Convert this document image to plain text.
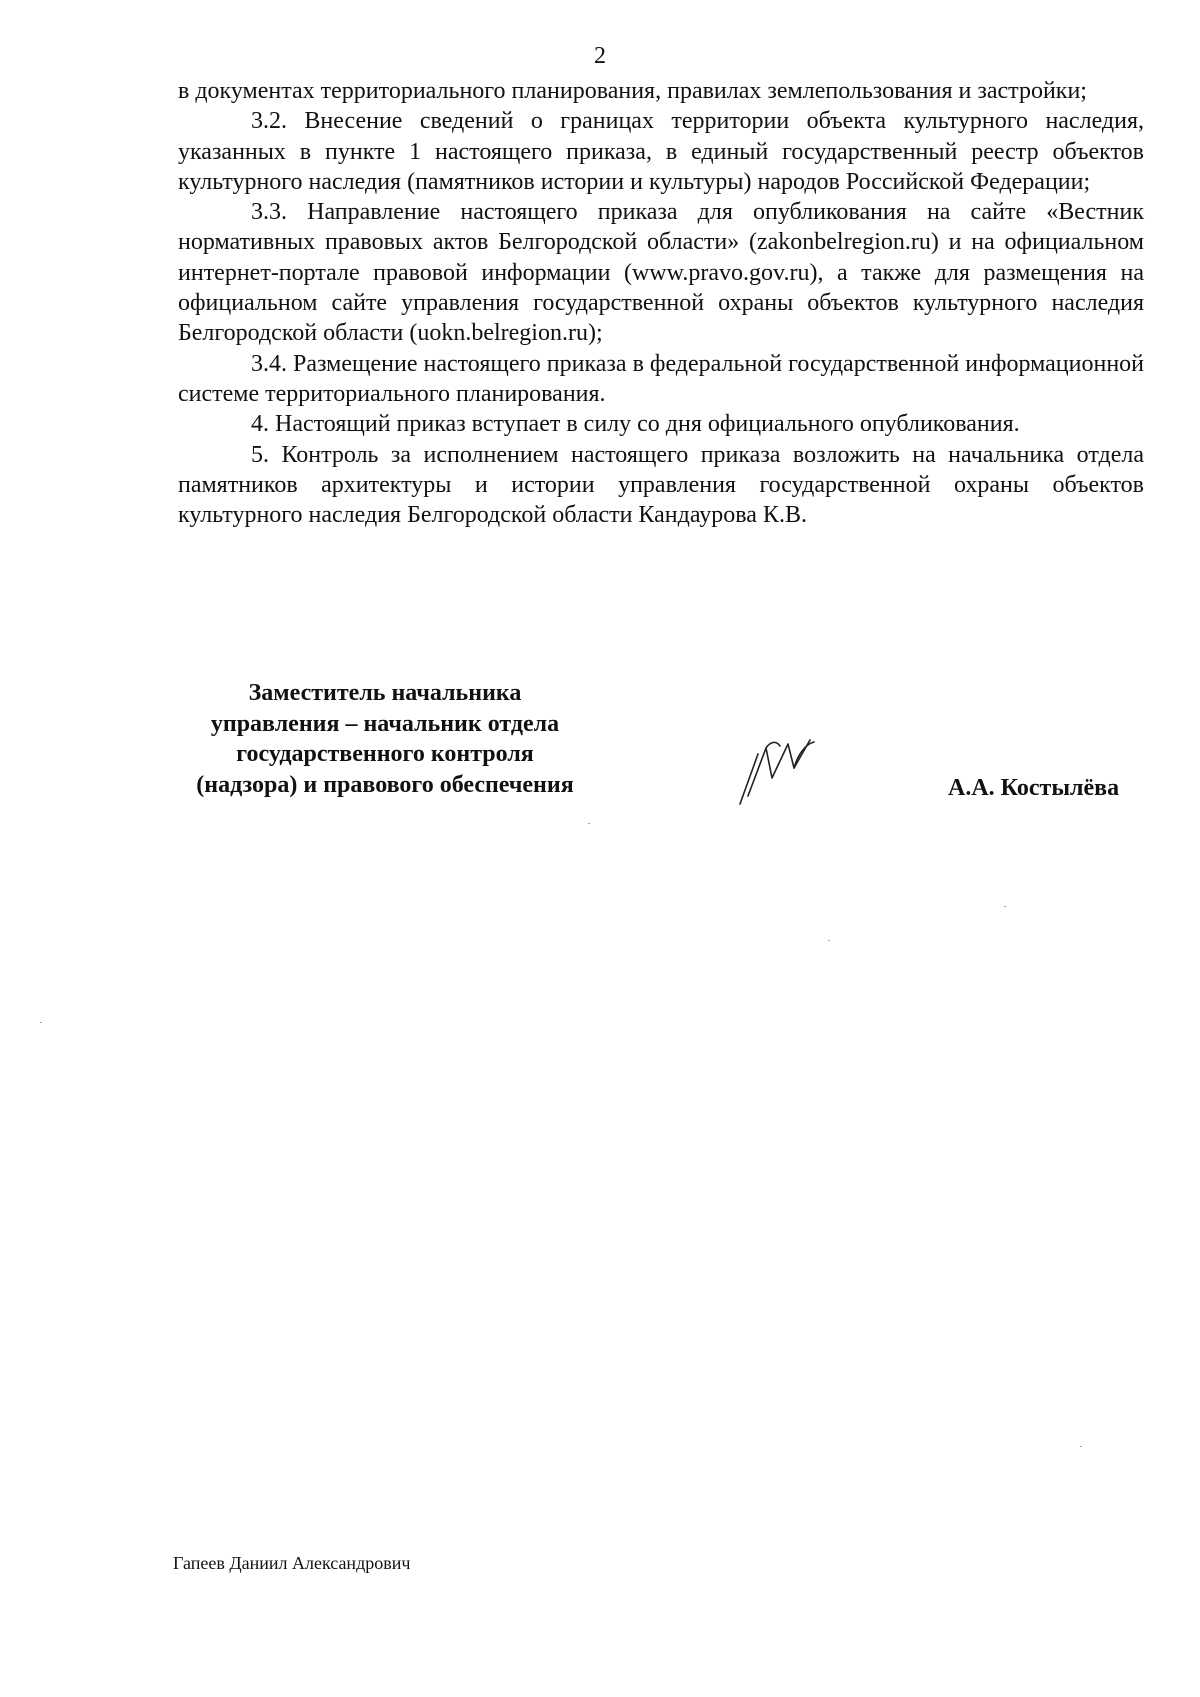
2

в документах территориального планирования, правилах землепользования и застройки;

3.2. Внесение сведений о границах территории объекта культурного наследия, указанных в пункте 1 настоящего приказа, в единый государственный реестр объектов культурного наследия (памятников истории и культуры) народов Российской Федерации;

3.3. Направление настоящего приказа для опубликования на сайте «Вестник нормативных правовых актов Белгородской области» (zakonbelregion.ru) и на официальном интернет-портале правовой информации (www.pravo.gov.ru), а также для размещения на официальном сайте управления государственной охраны объектов культурного наследия Белгородской области (uokn.belregion.ru);

3.4. Размещение настоящего приказа в федеральной государственной информационной системе территориального планирования.

4. Настоящий приказ вступает в силу со дня официального опубликования.

5. Контроль за исполнением настоящего приказа возложить на начальника отдела памятников архитектуры и истории управления государственной охраны объектов культурного наследия Белгородской области Кандаурова К.В.

Заместитель начальника
управления – начальник отдела
государственного контроля
(надзора) и правового обеспечения	А.А. Костылёва
Гапеев Даниил Александрович
